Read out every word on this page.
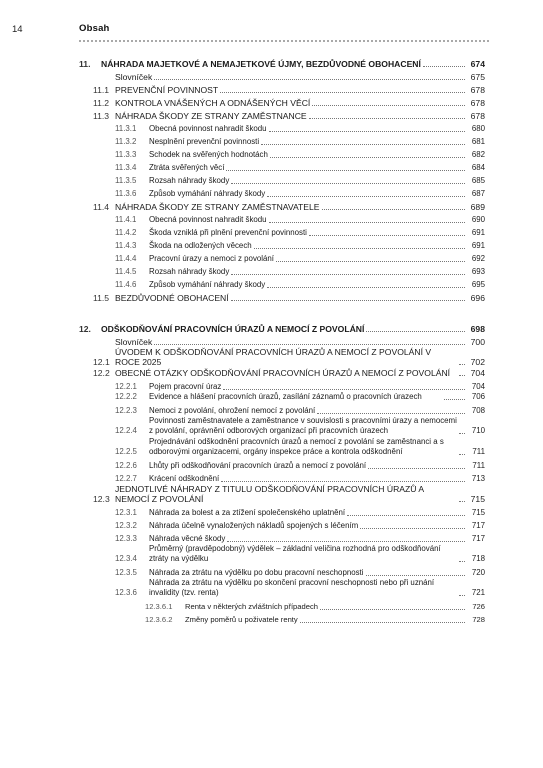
14	Obsah
11.	NÁHRADA MAJETKOVÉ A NEMAJETKOVÉ ÚJMY, BEZDŮVODNÉ OBOHACENÍ	674
Slovníček	675
11.1 PREVENČNÍ POVINNOST	678
11.2 KONTROLA VNÁŠENÝCH A ODNÁŠENÝCH VĚCÍ	678
11.3 NÁHRADA ŠKODY ZE STRANY ZAMĚSTNANCE	678
11.3.1	Obecná povinnost nahradit škodu	680
11.3.2	Nesplnění prevenční povinnosti	681
11.3.3	Schodek na svěřených hodnotách	682
11.3.4	Ztráta svěřených věcí	684
11.3.5	Rozsah náhrady škody	685
11.3.6	Způsob vymáhání náhrady škody	687
11.4 NÁHRADA ŠKODY ZE STRANY ZAMĚSTNAVATELE	689
11.4.1	Obecná povinnost nahradit škodu	690
11.4.2	Škoda vzniklá při plnění prevenční povinnosti	691
11.4.3	Škoda na odložených věcech	691
11.4.4	Pracovní úrazy a nemoci z povolání	692
11.4.5	Rozsah náhrady škody	693
11.4.6	Způsob vymáhání náhrady škody	695
11.5 BEZDŮVODNÉ OBOHACENÍ	696
12.	ODŠKODŇOVÁNÍ PRACOVNÍCH ÚRAZŮ A NEMOCÍ Z POVOLÁNÍ	698
Slovníček	700
12.1
ÚVODEM K ODŠKODŇOVÁNÍ PRACOVNÍCH ÚRAZŮ A NEMOCÍ Z POVOLÁNÍ V ROCE 2025	702
12.2 OBECNÉ OTÁZKY ODŠKODŇOVÁNÍ PRACOVNÍCH ÚRAZŮ A NEMOCÍ Z POVOLÁNÍ	704
12.2.1	Pojem pracovní úraz	704
12.2.2	Evidence a hlášení pracovních úrazů, zasílání záznamů o pracovních úrazech	706
12.2.3	Nemoci z povolání, ohrožení nemocí z povolání	708
12.2.4
Povinnosti zaměstnavatele a zaměstnance v souvislosti s pracovními úrazy a nemocemi z povolání, oprávnění odborových organizací při pracovních úrazech	710
12.2.5
Projednávání odškodnění pracovních úrazů a nemocí z povolání se zaměstnanci a s odborovými organizacemi, orgány inspekce práce a kontrola odškodnění	711
12.2.6	Lhůty při odškodňování pracovních úrazů a nemocí z povolání	711
12.2.7	Krácení odškodnění	713
12.3
JEDNOTLIVÉ NÁHRADY Z TITULU ODŠKODŇOVÁNÍ PRACOVNÍCH ÚRAZŮ A NEMOCÍ Z POVOLÁNÍ	715
12.3.1	Náhrada za bolest a za ztížení společenského uplatnění	715
12.3.2	Náhrada účelně vynaložených nákladů spojených s léčením	717
12.3.3	Náhrada věcné škody	717
12.3.4
Průměrný (pravděpodobný) výdělek – základní veličina rozhodná pro odškodňování ztráty na výdělku	718
12.3.5	Náhrada za ztrátu na výdělku po dobu pracovní neschopnosti	720
12.3.6
Náhrada za ztrátu na výdělku po skončení pracovní neschopnosti nebo při uznání invalidity (tzv. renta)	721
12.3.6.1	Renta v některých zvláštních případech	726
12.3.6.2	Změny poměrů u poživatele renty	728
